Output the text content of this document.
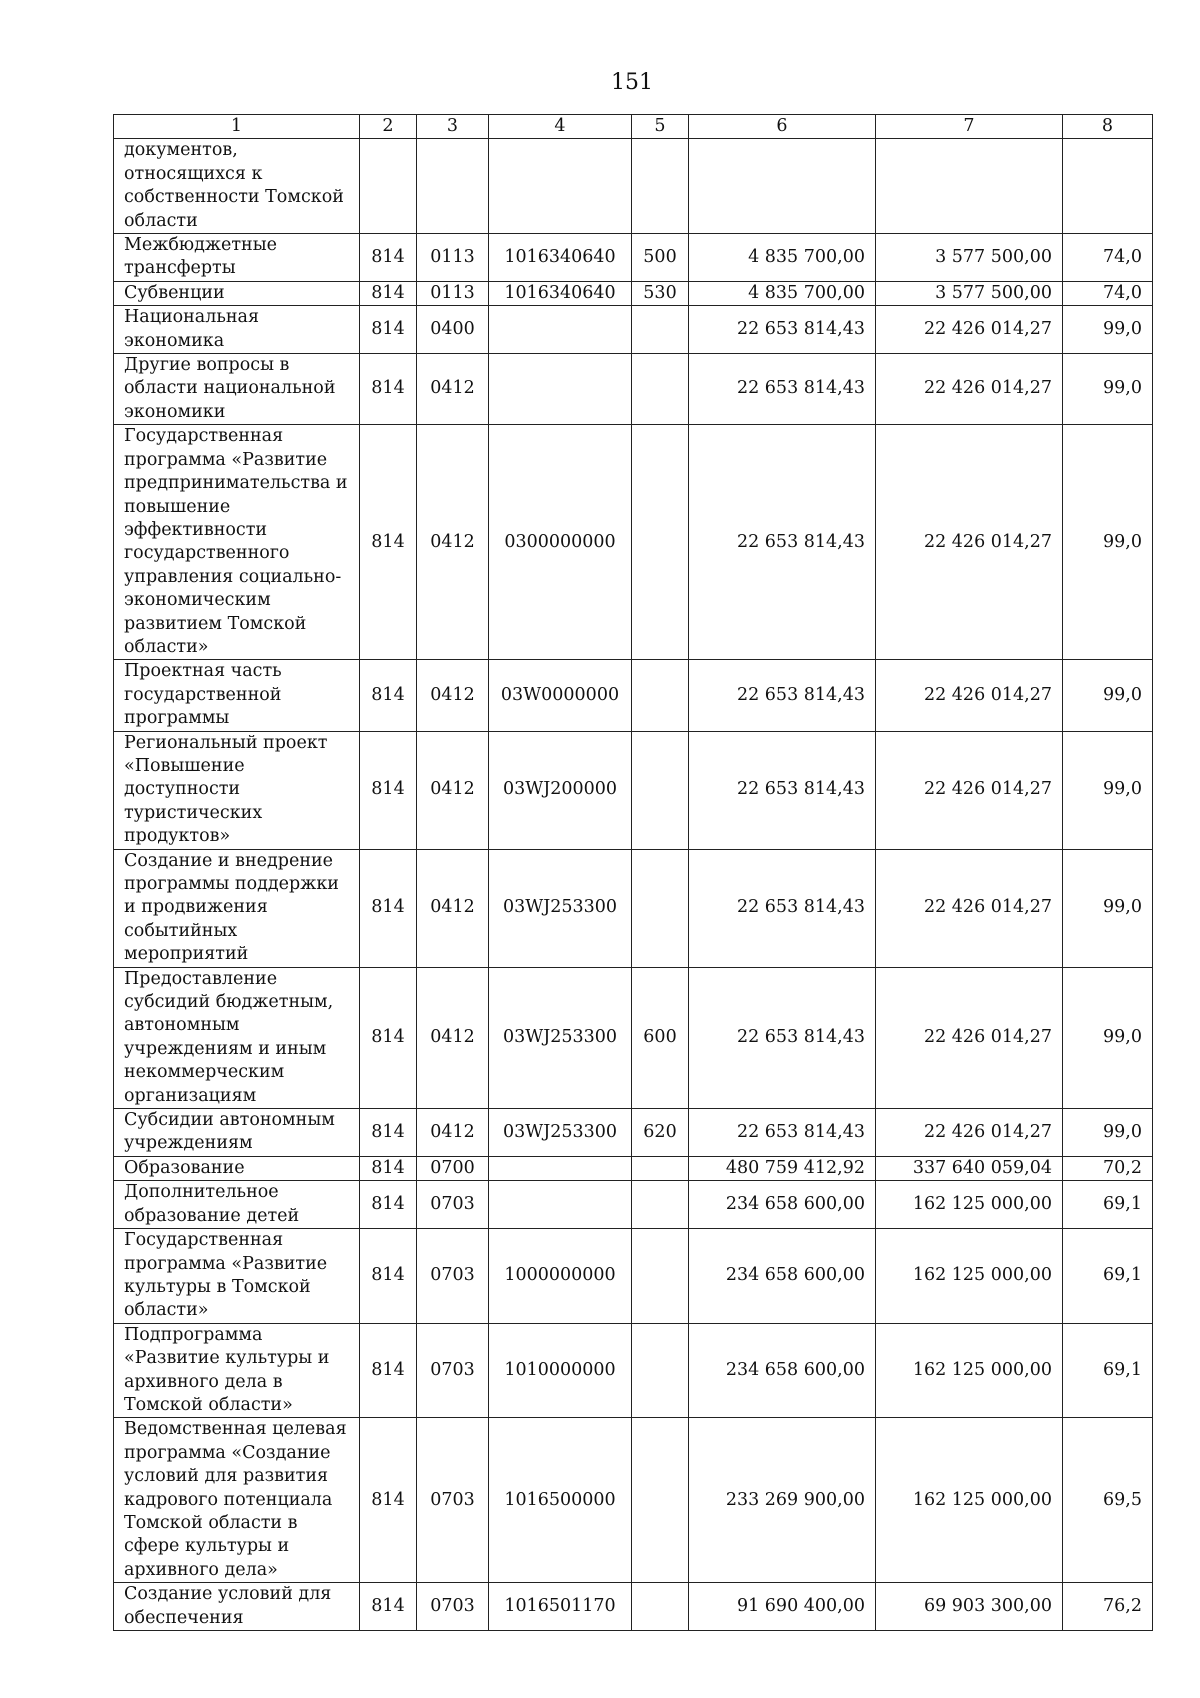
151
1	2	3	4	5	6	7	8
документов, относящихся к собственности Томской области							
Межбюджетные трансферты	814	0113	1016340640	500	4 835 700,00	3 577 500,00	74,0
Субвенции	814	0113	1016340640	530	4 835 700,00	3 577 500,00	74,0
Национальная экономика	814	0400			22 653 814,43	22 426 014,27	99,0
Другие вопросы в области национальной экономики	814	0412			22 653 814,43	22 426 014,27	99,0
Государственная программа «Развитие предпринимательства и повышение эффективности государственного управления социально-экономическим развитием Томской области»	814	0412	0300000000		22 653 814,43	22 426 014,27	99,0
Проектная часть государственной программы	814	0412	03W0000000		22 653 814,43	22 426 014,27	99,0
Региональный проект «Повышение доступности туристических продуктов»	814	0412	03WJ200000		22 653 814,43	22 426 014,27	99,0
Создание и внедрение программы поддержки и продвижения событийных мероприятий	814	0412	03WJ253300		22 653 814,43	22 426 014,27	99,0
Предоставление субсидий бюджетным, автономным учреждениям и иным некоммерческим организациям	814	0412	03WJ253300	600	22 653 814,43	22 426 014,27	99,0
Субсидии автономным учреждениям	814	0412	03WJ253300	620	22 653 814,43	22 426 014,27	99,0
Образование	814	0700			480 759 412,92	337 640 059,04	70,2
Дополнительное образование детей	814	0703			234 658 600,00	162 125 000,00	69,1
Государственная программа «Развитие культуры в Томской области»	814	0703	1000000000		234 658 600,00	162 125 000,00	69,1
Подпрограмма «Развитие культуры и архивного дела в Томской области»	814	0703	1010000000		234 658 600,00	162 125 000,00	69,1
Ведомственная целевая программа «Создание условий для развития кадрового потенциала Томской области в сфере культуры и архивного дела»	814	0703	1016500000		233 269 900,00	162 125 000,00	69,5
Создание условий для обеспечения	814	0703	1016501170		91 690 400,00	69 903 300,00	76,2
